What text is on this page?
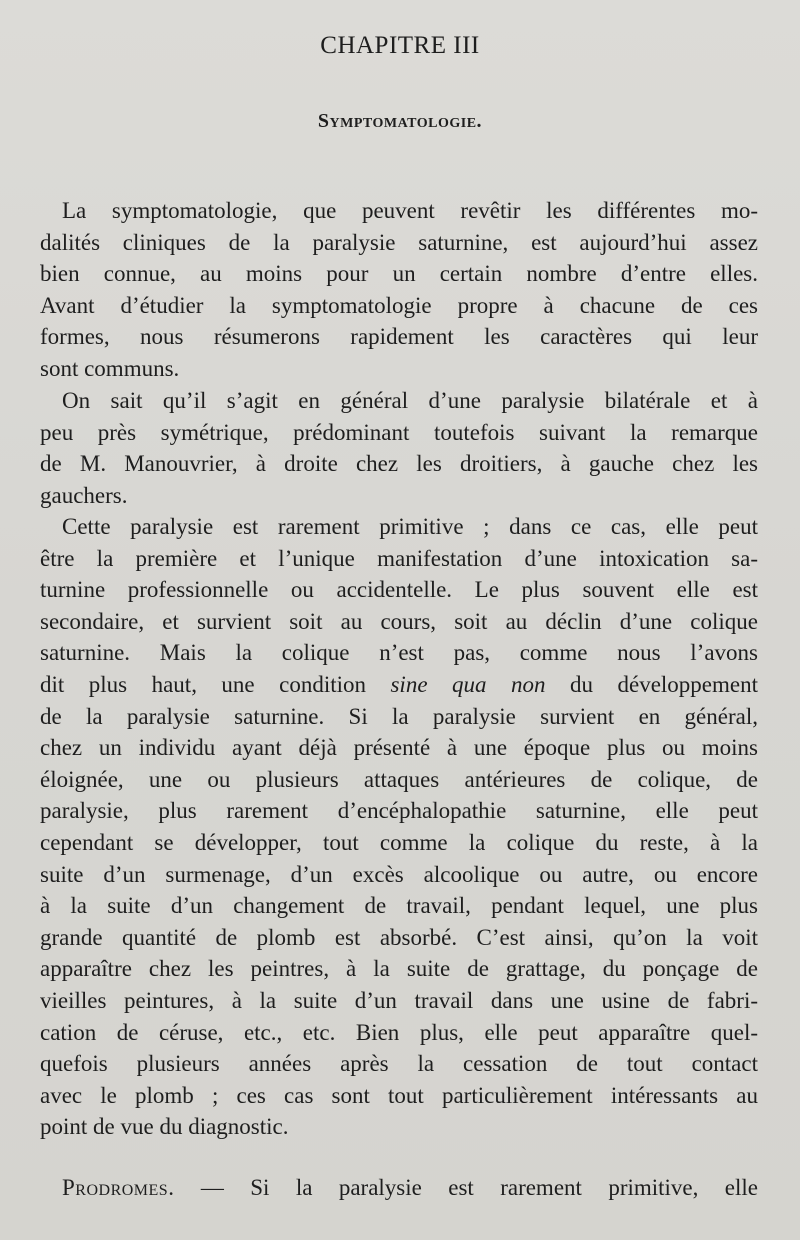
CHAPITRE III
Symptomatologie.
La symptomatologie, que peuvent revêtir les différentes mo-
dalités cliniques de la paralysie saturnine, est aujourd’hui assez
bien connue, au moins pour un certain nombre d’entre elles.
Avant d’étudier la symptomatologie propre à chacune de ces
formes, nous résumerons rapidement les caractères qui leur
sont communs.
On sait qu’il s’agit en général d’une paralysie bilatérale et à
peu près symétrique, prédominant toutefois suivant la remarque
de M. Manouvrier, à droite chez les droitiers, à gauche chez les
gauchers.
Cette paralysie est rarement primitive ; dans ce cas, elle peut
être la première et l’unique manifestation d’une intoxication sa-
turnine professionnelle ou accidentelle. Le plus souvent elle est
secondaire, et survient soit au cours, soit au déclin d’une colique
saturnine. Mais la colique n’est pas, comme nous l’avons
dit plus haut, une condition sine qua non du développement
de la paralysie saturnine. Si la paralysie survient en général,
chez un individu ayant déjà présenté à une époque plus ou moins
éloignée, une ou plusieurs attaques antérieures de colique, de
paralysie, plus rarement d’encéphalopathie saturnine, elle peut
cependant se développer, tout comme la colique du reste, à la
suite d’un surmenage, d’un excès alcoolique ou autre, ou encore
à la suite d’un changement de travail, pendant lequel, une plus
grande quantité de plomb est absorbé. C’est ainsi, qu’on la voit
apparaître chez les peintres, à la suite de grattage, du ponçage de
vieilles peintures, à la suite d’un travail dans une usine de fabri-
cation de céruse, etc., etc. Bien plus, elle peut apparaître quel-
quefois plusieurs années après la cessation de tout contact
avec le plomb ; ces cas sont tout particulièrement intéressants au
point de vue du diagnostic.
Prodromes. — Si la paralysie est rarement primitive, elle
